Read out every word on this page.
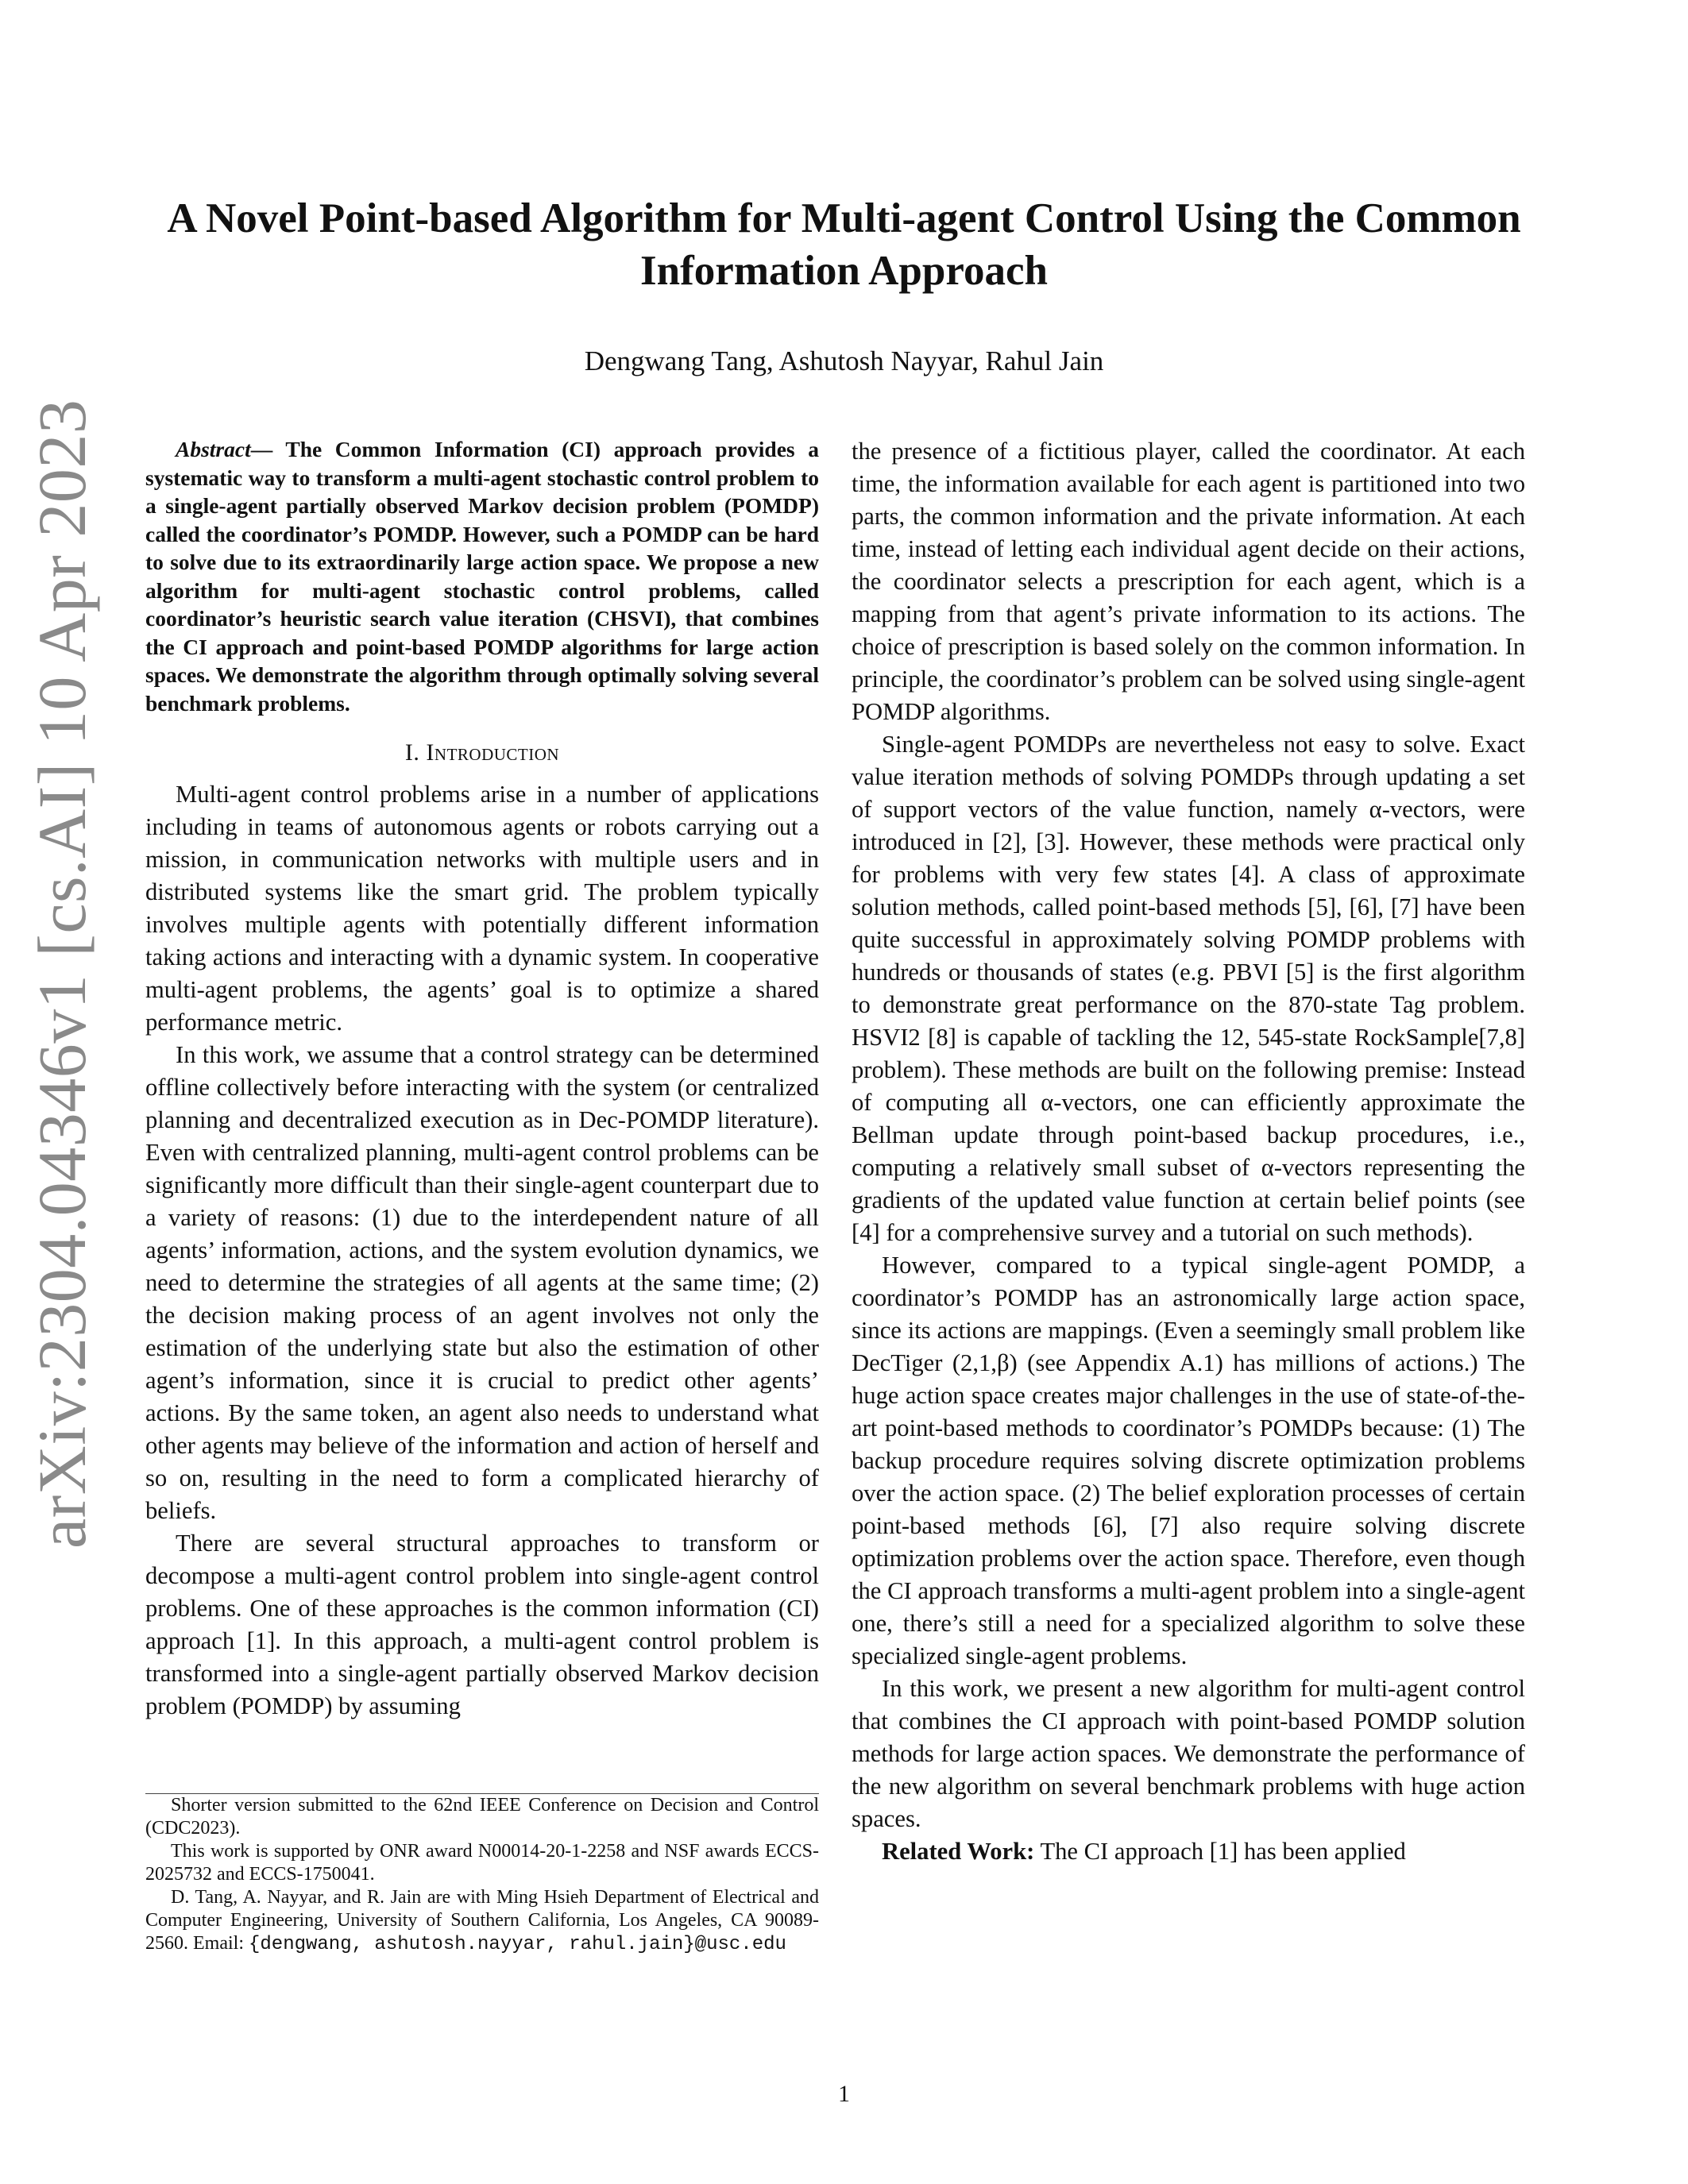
arXiv:2304.04346v1 [cs.AI] 10 Apr 2023
A Novel Point-based Algorithm for Multi-agent Control Using the Common Information Approach
Dengwang Tang, Ashutosh Nayyar, Rahul Jain

Abstract— The Common Information (CI) approach provides a systematic way to transform a multi-agent stochastic control problem to a single-agent partially observed Markov decision problem (POMDP) called the coordinator’s POMDP. However, such a POMDP can be hard to solve due to its extraordinarily large action space. We propose a new algorithm for multi-agent stochastic control problems, called coordinator’s heuristic search value iteration (CHSVI), that combines the CI approach and point-based POMDP algorithms for large action spaces. We demonstrate the algorithm through optimally solving several benchmark problems.

I. Introduction

Multi-agent control problems arise in a number of applications including in teams of autonomous agents or robots carrying out a mission, in communication networks with multiple users and in distributed systems like the smart grid. The problem typically involves multiple agents with potentially different information taking actions and interacting with a dynamic system. In cooperative multi-agent problems, the agents’ goal is to optimize a shared performance metric.

In this work, we assume that a control strategy can be determined offline collectively before interacting with the system (or centralized planning and decentralized execution as in Dec-POMDP literature). Even with centralized planning, multi-agent control problems can be significantly more difficult than their single-agent counterpart due to a variety of reasons: (1) due to the interdependent nature of all agents’ information, actions, and the system evolution dynamics, we need to determine the strategies of all agents at the same time; (2) the decision making process of an agent involves not only the estimation of the underlying state but also the estimation of other agent’s information, since it is crucial to predict other agents’ actions. By the same token, an agent also needs to understand what other agents may believe of the information and action of herself and so on, resulting in the need to form a complicated hierarchy of beliefs.

There are several structural approaches to transform or decompose a multi-agent control problem into single-agent control problems. One of these approaches is the common information (CI) approach [1]. In this approach, a multi-agent control problem is transformed into a single-agent partially observed Markov decision problem (POMDP) by assuming

Shorter version submitted to the 62nd IEEE Conference on Decision and Control (CDC2023).

This work is supported by ONR award N00014-20-1-2258 and NSF awards ECCS-2025732 and ECCS-1750041.

D. Tang, A. Nayyar, and R. Jain are with Ming Hsieh Department of Electrical and Computer Engineering, University of Southern California, Los Angeles, CA 90089-2560. Email: {dengwang, ashutosh.nayyar, rahul.jain}@usc.edu

the presence of a fictitious player, called the coordinator. At each time, the information available for each agent is partitioned into two parts, the common information and the private information. At each time, instead of letting each individual agent decide on their actions, the coordinator selects a prescription for each agent, which is a mapping from that agent’s private information to its actions. The choice of prescription is based solely on the common information. In principle, the coordinator’s problem can be solved using single-agent POMDP algorithms.

Single-agent POMDPs are nevertheless not easy to solve. Exact value iteration methods of solving POMDPs through updating a set of support vectors of the value function, namely α-vectors, were introduced in [2], [3]. However, these methods were practical only for problems with very few states [4]. A class of approximate solution methods, called point-based methods [5], [6], [7] have been quite successful in approximately solving POMDP problems with hundreds or thousands of states (e.g. PBVI [5] is the first algorithm to demonstrate great performance on the 870-state Tag problem. HSVI2 [8] is capable of tackling the 12, 545-state RockSample[7,8] problem). These methods are built on the following premise: Instead of computing all α-vectors, one can efficiently approximate the Bellman update through point-based backup procedures, i.e., computing a relatively small subset of α-vectors representing the gradients of the updated value function at certain belief points (see [4] for a comprehensive survey and a tutorial on such methods).

However, compared to a typical single-agent POMDP, a coordinator’s POMDP has an astronomically large action space, since its actions are mappings. (Even a seemingly small problem like DecTiger (2,1,β) (see Appendix A.1) has millions of actions.) The huge action space creates major challenges in the use of state-of-the-art point-based methods to coordinator’s POMDPs because: (1) The backup procedure requires solving discrete optimization problems over the action space. (2) The belief exploration processes of certain point-based methods [6], [7] also require solving discrete optimization problems over the action space. Therefore, even though the CI approach transforms a multi-agent problem into a single-agent one, there’s still a need for a specialized algorithm to solve these specialized single-agent problems.

In this work, we present a new algorithm for multi-agent control that combines the CI approach with point-based POMDP solution methods for large action spaces. We demonstrate the performance of the new algorithm on several benchmark problems with huge action spaces.

Related Work: The CI approach [1] has been applied

1
